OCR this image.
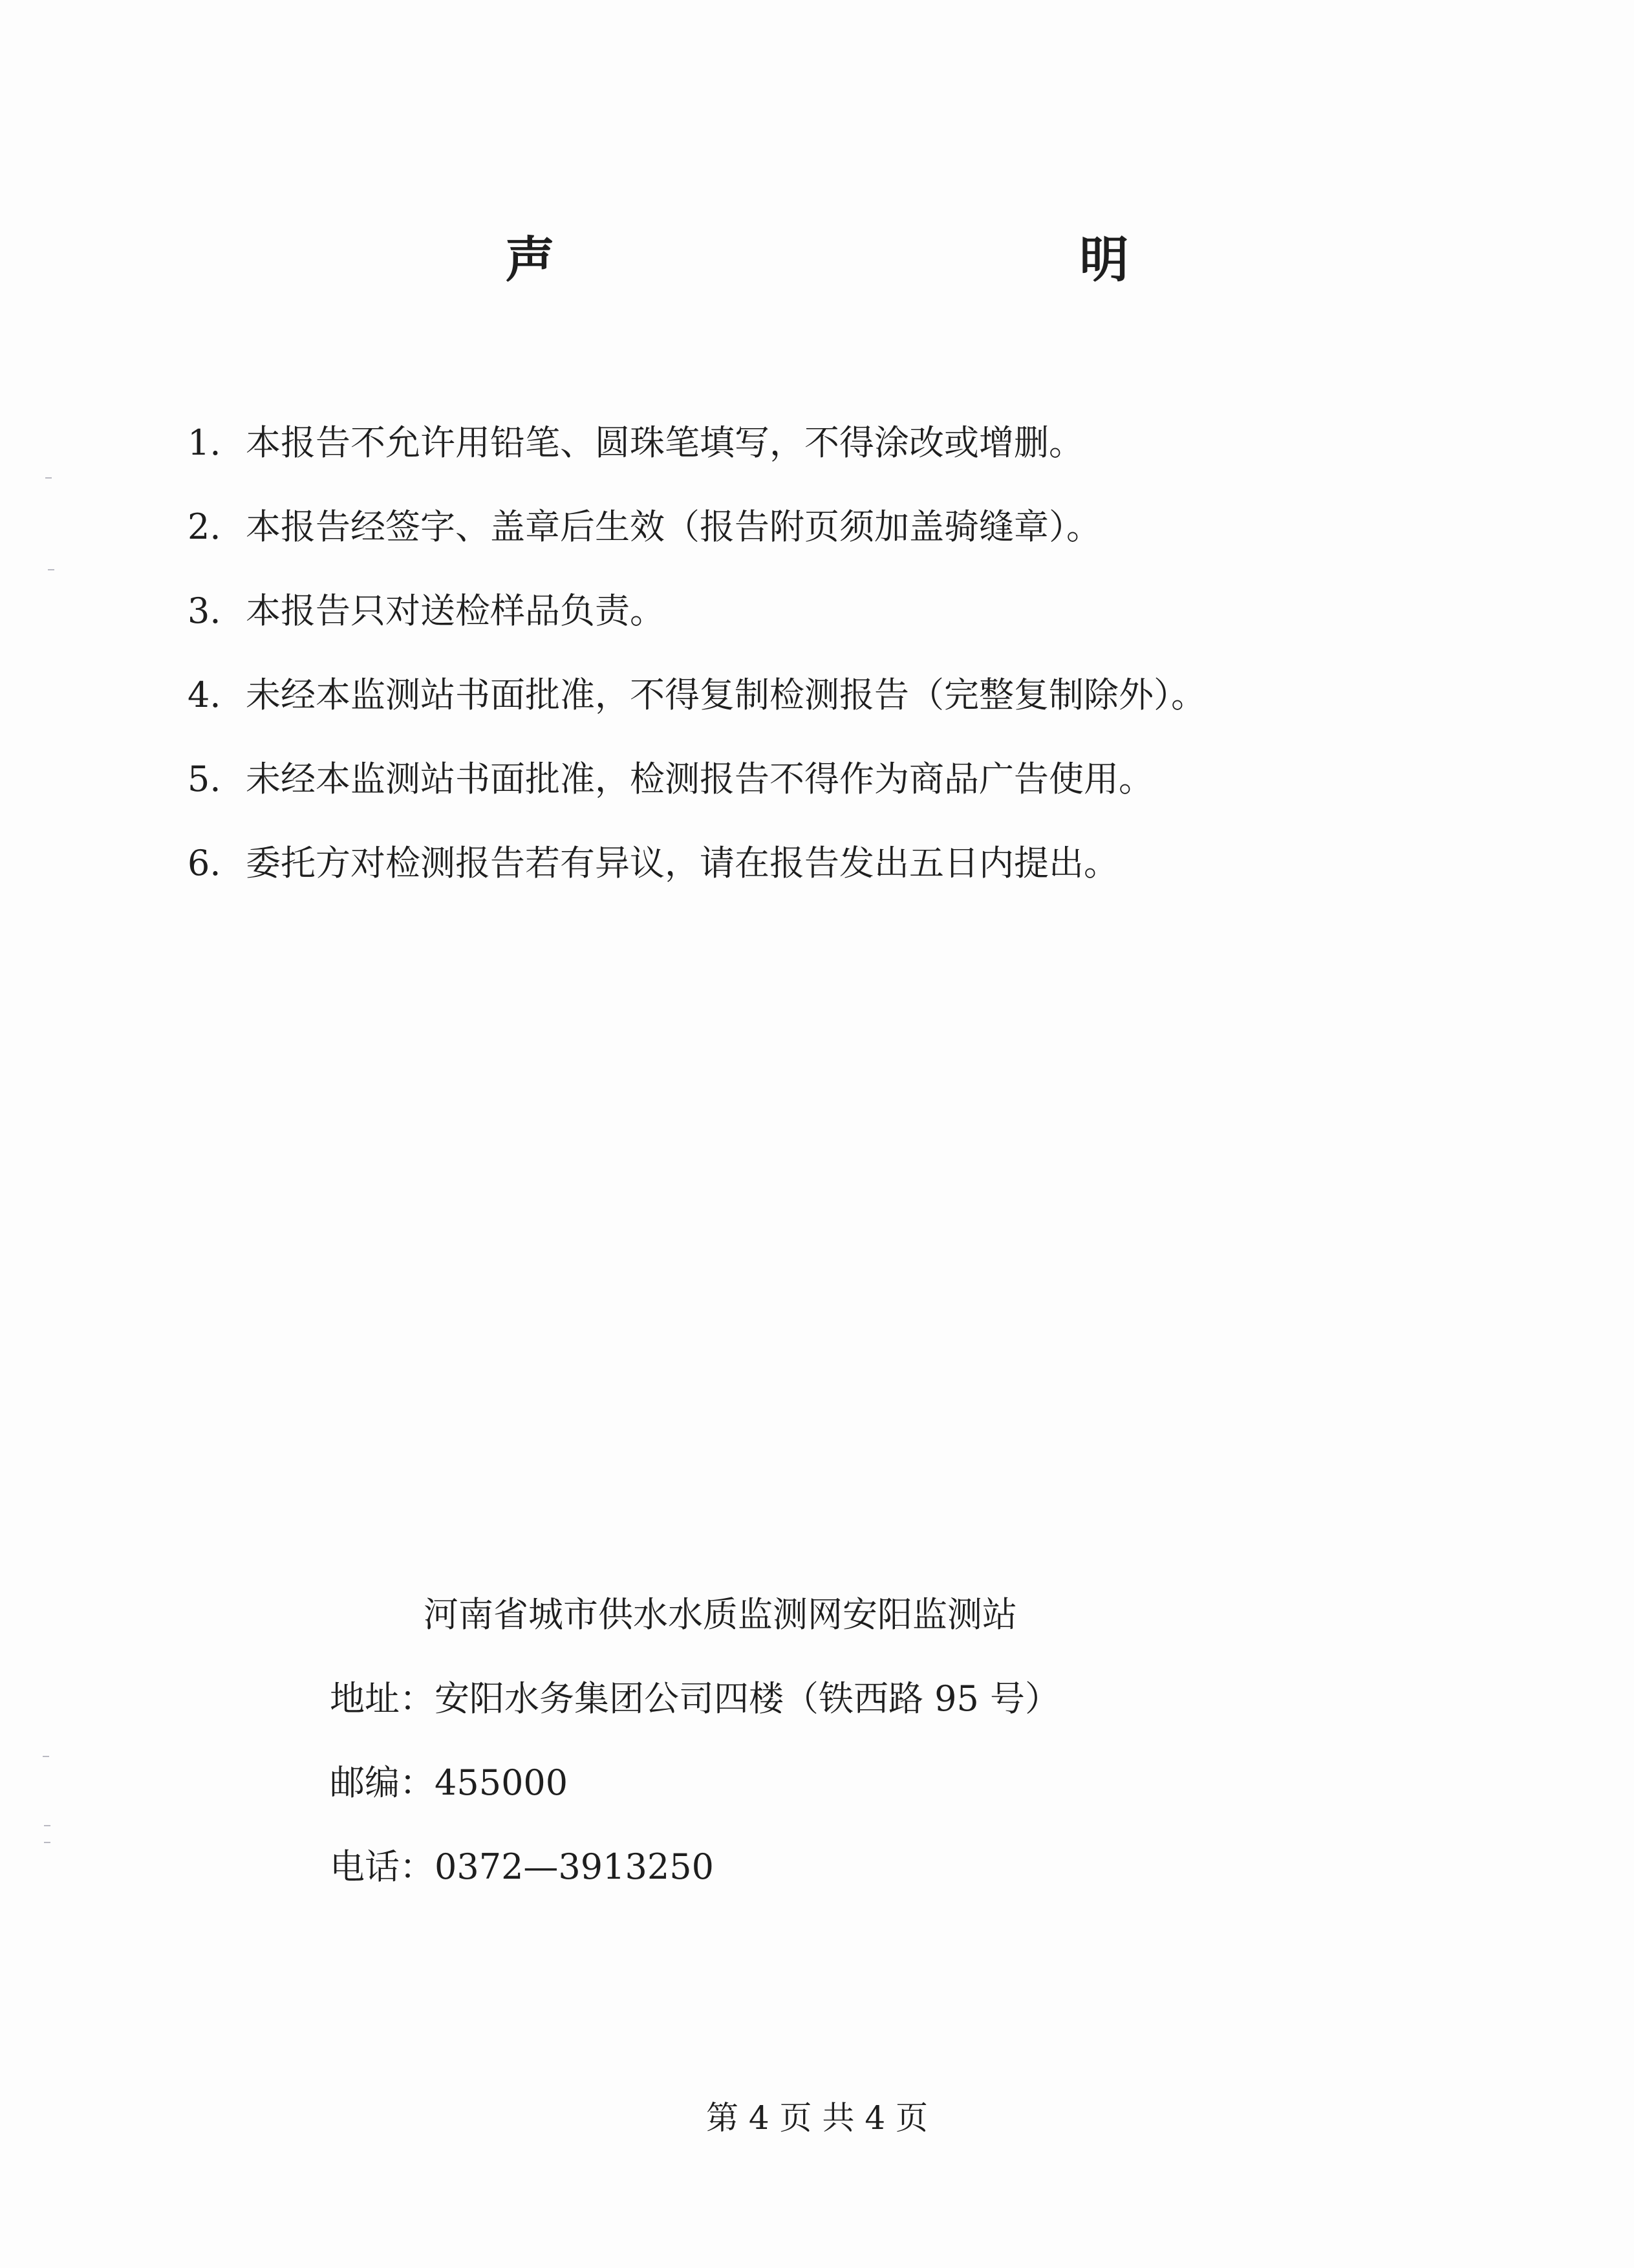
声　　明
1. 本报告不允许用铅笔、圆珠笔填写，不得涂改或增删。
2. 本报告经签字、盖章后生效（报告附页须加盖骑缝章）。
3. 本报告只对送检样品负责。
4. 未经本监测站书面批准，不得复制检测报告（完整复制除外）。
5. 未经本监测站书面批准，检测报告不得作为商品广告使用。
6. 委托方对检测报告若有异议，请在报告发出五日内提出。
河南省城市供水水质监测网安阳监测站
地址： 安阳水务集团公司四楼（铁西路 95 号）
邮编： 455000
电话： 0372—3913250
第 4 页 共 4 页
